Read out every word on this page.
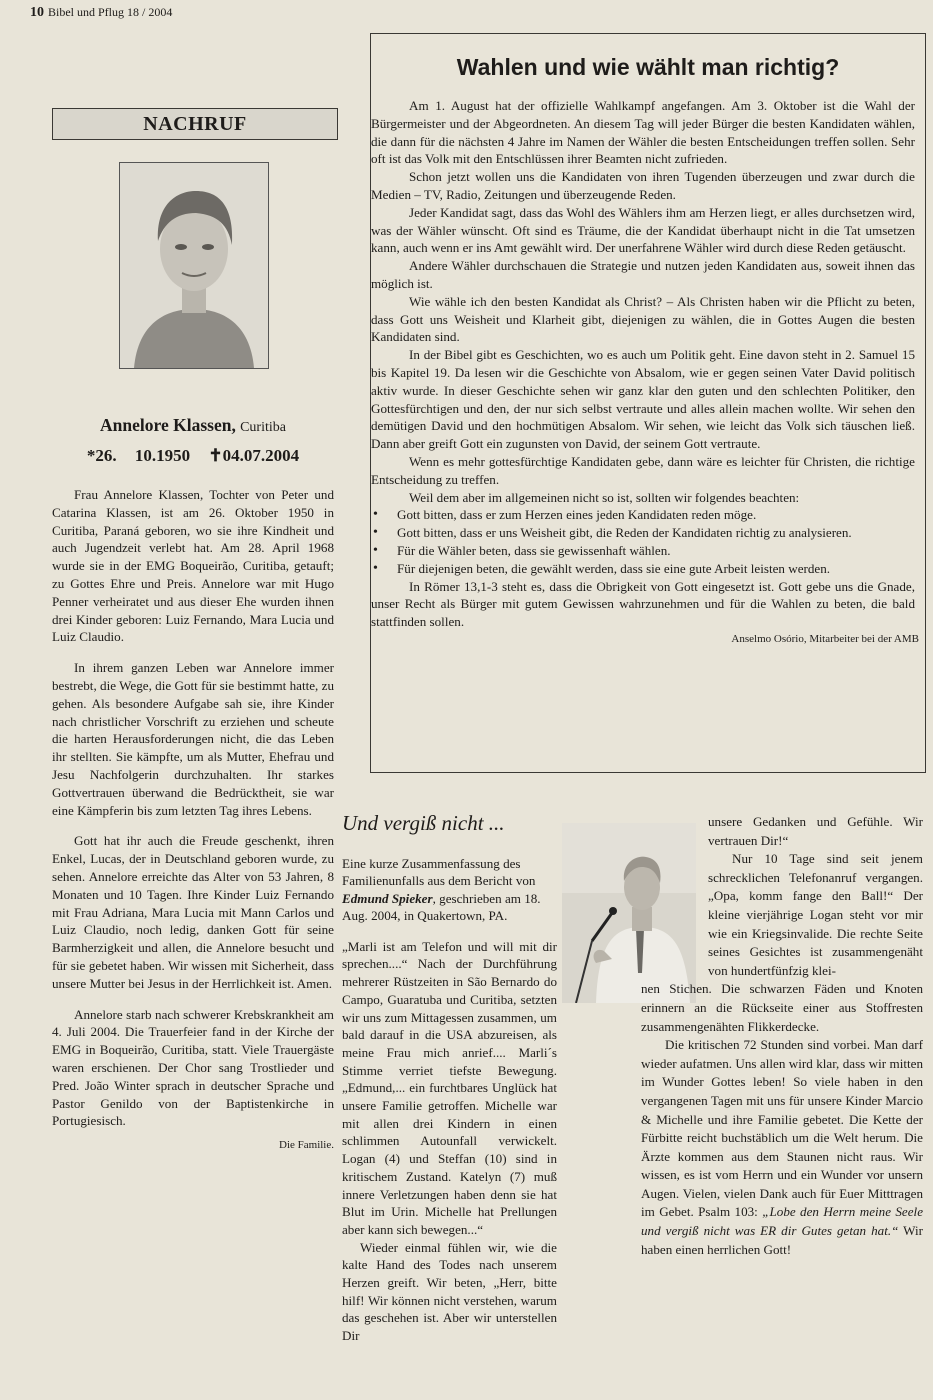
10 Bibel und Pflug 18 / 2004
NACHRUF
Annelore Klassen, Curitiba
*26. 10.1950 ✝04.07.2004

Frau Annelore Klassen, Tochter von Peter und Catarina Klassen, ist am 26. Oktober 1950 in Curitiba, Paraná geboren, wo sie ihre Kindheit und auch Jugendzeit verlebt hat. Am 28. April 1968 wurde sie in der EMG Boqueirão, Curitiba, getauft; zu Gottes Ehre und Preis. Annelore war mit Hugo Penner verheiratet und aus dieser Ehe wurden ihnen drei Kinder geboren: Luiz Fernando, Mara Lucia und Luiz Claudio.

In ihrem ganzen Leben war Annelore immer bestrebt, die Wege, die Gott für sie bestimmt hatte, zu gehen. Als besondere Aufgabe sah sie, ihre Kinder nach christlicher Vorschrift zu erziehen und scheute die harten Herausforderungen nicht, die das Leben ihr stellten. Sie kämpfte, um als Mutter, Ehefrau und Jesu Nachfolgerin durchzuhalten. Ihr starkes Gottvertrauen überwand die Bedrücktheit, sie war eine Kämpferin bis zum letzten Tag ihres Lebens.

Gott hat ihr auch die Freude geschenkt, ihren Enkel, Lucas, der in Deutschland geboren wurde, zu sehen. Annelore erreichte das Alter von 53 Jahren, 8 Monaten und 10 Tagen. Ihre Kinder Luiz Fernando mit Frau Adriana, Mara Lucia mit Mann Carlos und Luiz Claudio, noch ledig, danken Gott für seine Barmherzigkeit und allen, die Annelore besucht und für sie gebetet haben. Wir wissen mit Sicherheit, dass unsere Mutter bei Jesus in der Herrlichkeit ist. Amen.

Annelore starb nach schwerer Krebskrankheit am 4. Juli 2004. Die Trauerfeier fand in der Kirche der EMG in Boqueirão, Curitiba, statt. Viele Trauergäste waren erschienen. Der Chor sang Trostlieder und Pred. João Winter sprach in deutscher Sprache und Pastor Genildo von der Baptistenkirche in Portugiesisch.

Die Familie.
Wahlen und wie wählt man richtig?

Am 1. August hat der offizielle Wahlkampf angefangen. Am 3. Oktober ist die Wahl der Bürgermeister und der Abgeordneten. An diesem Tag will jeder Bürger die besten Kandidaten wählen, die dann für die nächsten 4 Jahre im Namen der Wähler die besten Entscheidungen treffen sollen. Sehr oft ist das Volk mit den Entschlüssen ihrer Beamten nicht zufrieden.

Schon jetzt wollen uns die Kandidaten von ihren Tugenden überzeugen und zwar durch die Medien – TV, Radio, Zeitungen und überzeugende Reden.

Jeder Kandidat sagt, dass das Wohl des Wählers ihm am Herzen liegt, er alles durchsetzen wird, was der Wähler wünscht. Oft sind es Träume, die der Kandidat überhaupt nicht in die Tat umsetzen kann, auch wenn er ins Amt gewählt wird. Der unerfahrene Wähler wird durch diese Reden getäuscht.

Andere Wähler durchschauen die Strategie und nutzen jeden Kandidaten aus, soweit ihnen das möglich ist.

Wie wähle ich den besten Kandidat als Christ? – Als Christen haben wir die Pflicht zu beten, dass Gott uns Weisheit und Klarheit gibt, diejenigen zu wählen, die in Gottes Augen die besten Kandidaten sind.

In der Bibel gibt es Geschichten, wo es auch um Politik geht. Eine davon steht in 2. Samuel 15 bis Kapitel 19. Da lesen wir die Geschichte von Absalom, wie er gegen seinen Vater David politisch aktiv wurde. In dieser Geschichte sehen wir ganz klar den guten und den schlechten Politiker, den Gottesfürchtigen und den, der nur sich selbst vertraute und alles allein machen wollte. Wir sehen den demütigen David und den hochmütigen Absalom. Wir sehen, wie leicht das Volk sich täuschen ließ. Dann aber greift Gott ein zugunsten von David, der seinem Gott vertraute.

Wenn es mehr gottesfürchtige Kandidaten gebe, dann wäre es leichter für Christen, die richtige Entscheidung zu treffen.

Weil dem aber im allgemeinen nicht so ist, sollten wir folgendes beachten:

• Gott bitten, dass er zum Herzen eines jeden Kandidaten reden möge.
• Gott bitten, dass er uns Weisheit gibt, die Reden der Kandidaten richtig zu analysieren.
• Für die Wähler beten, dass sie gewissenhaft wählen.
• Für diejenigen beten, die gewählt werden, dass sie eine gute Arbeit leisten werden.

In Römer 13,1-3 steht es, dass die Obrigkeit von Gott eingesetzt ist. Gott gebe uns die Gnade, unser Recht als Bürger mit gutem Gewissen wahrzunehmen und für die Wahlen zu beten, die bald stattfinden sollen.

Anselmo Osório, Mitarbeiter bei der AMB
Und vergiß nicht ...
Eine kurze Zusammenfassung des Familienunfalls aus dem Bericht von Edmund Spieker, geschrieben am 18. Aug. 2004, in Quakertown, PA.

„Marli ist am Telefon und will mit dir sprechen....“ Nach der Durchführung mehrerer Rüstzeiten in São Bernardo do Campo, Guaratuba und Curitiba, setzten wir uns zum Mittagessen zusammen, um bald darauf in die USA abzureisen, als meine Frau mich anrief.... Marli´s Stimme verriet tiefste Bewegung. „Edmund,... ein furchtbares Unglück hat unsere Familie getroffen. Michelle war mit allen drei Kindern in einen schlimmen Autounfall verwickelt. Logan (4) und Steffan (10) sind in kritischem Zustand. Katelyn (7) muß innere Verletzungen haben denn sie hat Blut im Urin. Michelle hat Prellungen aber kann sich bewegen...“

Wieder einmal fühlen wir, wie die kalte Hand des Todes nach unserem Herzen greift. Wir beten, „Herr, bitte hilf! Wir können nicht verstehen, warum das geschehen ist. Aber wir unterstellen Dir

unsere Gedanken und Gefühle. Wir vertrauen Dir!“

Nur 10 Tage sind seit jenem schrecklichen Telefonanruf vergangen. „Opa, komm fange den Ball!“ Der kleine vierjährige Logan steht vor mir wie ein Kriegsinvalide. Die rechte Seite seines Gesichtes ist zusammengenäht von hundertfünfzig klei-

nen Stichen. Die schwarzen Fäden und Knoten erinnern an die Rückseite einer aus Stoffresten zusammengenähten Flikkerdecke.

Die kritischen 72 Stunden sind vorbei. Man darf wieder aufatmen. Uns allen wird klar, dass wir mitten im Wunder Gottes leben! So viele haben in den vergangenen Tagen mit uns für unsere Kinder Marcio & Michelle und ihre Familie gebetet. Die Kette der Fürbitte reicht buchstäblich um die Welt herum. Die Ärzte kommen aus dem Staunen nicht raus. Wir wissen, es ist vom Herrn und ein Wunder vor unsern Augen. Vielen, vielen Dank auch für Euer Mitttragen im Gebet. Psalm 103: „Lobe den Herrn meine Seele und vergiß nicht was ER dir Gutes getan hat.“ Wir haben einen herrlichen Gott!
